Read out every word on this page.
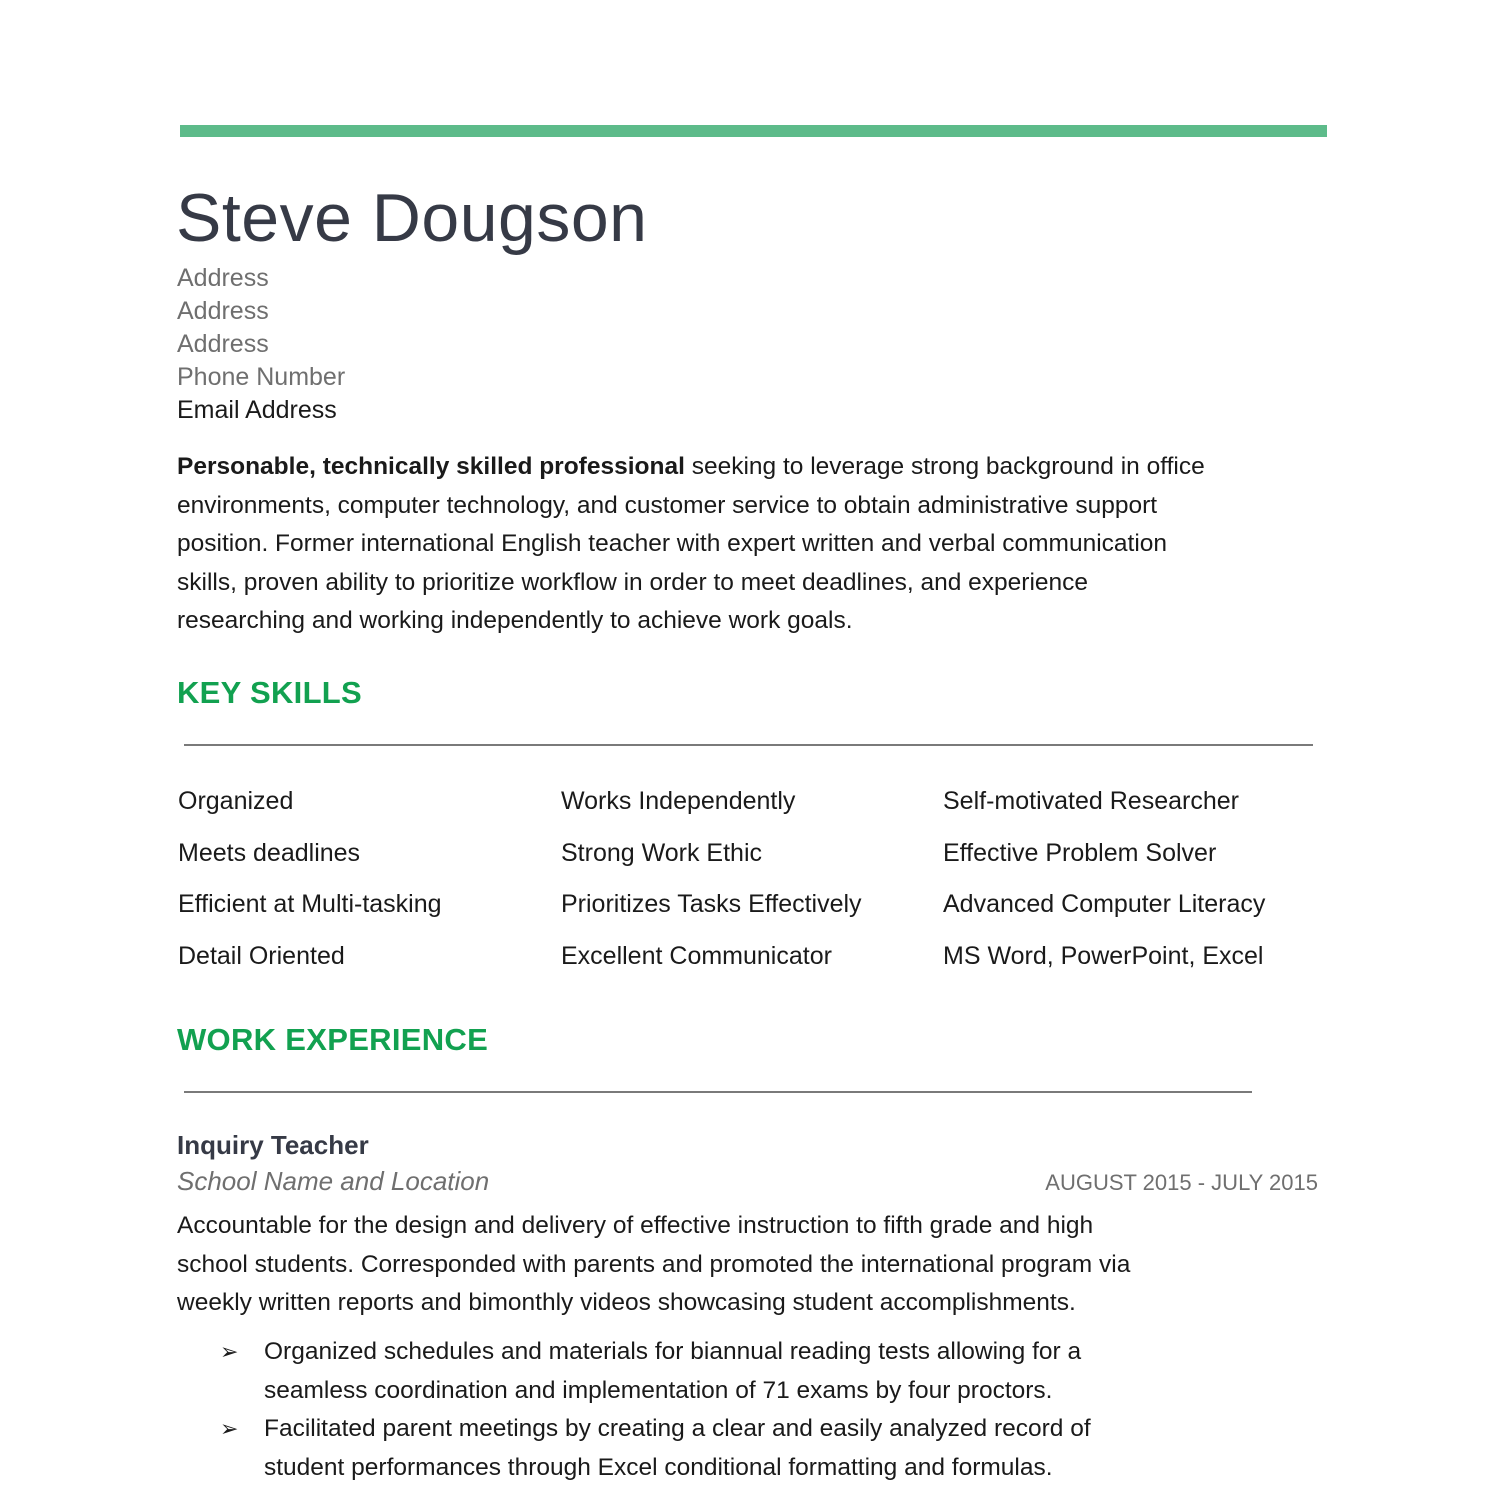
Steve Dougson
Address
Address
Address
Phone Number
Email Address

Personable, technically skilled professional seeking to leverage strong background in office
environments, computer technology, and customer service to obtain administrative support
position. Former international English teacher with expert written and verbal communication
skills, proven ability to prioritize workflow in order to meet deadlines, and experience
researching and working independently to achieve work goals.

KEY SKILLS
Organized	Works Independently	Self-motivated Researcher
Meets deadlines	Strong Work Ethic	Effective Problem Solver
Efficient at Multi-tasking	Prioritizes Tasks Effectively	Advanced Computer Literacy
Detail Oriented	Excellent Communicator	MS Word, PowerPoint, Excel
WORK EXPERIENCE
Inquiry Teacher
School Name and Location	AUGUST 2015 - JULY 2015
Accountable for the design and delivery of effective instruction to fifth grade and high
school students. Corresponded with parents and promoted the international program via
weekly written reports and bimonthly videos showcasing student accomplishments.
➢ Organized schedules and materials for biannual reading tests allowing for a
seamless coordination and implementation of 71 exams by four proctors.
➢ Facilitated parent meetings by creating a clear and easily analyzed record of
student performances through Excel conditional formatting and formulas.
